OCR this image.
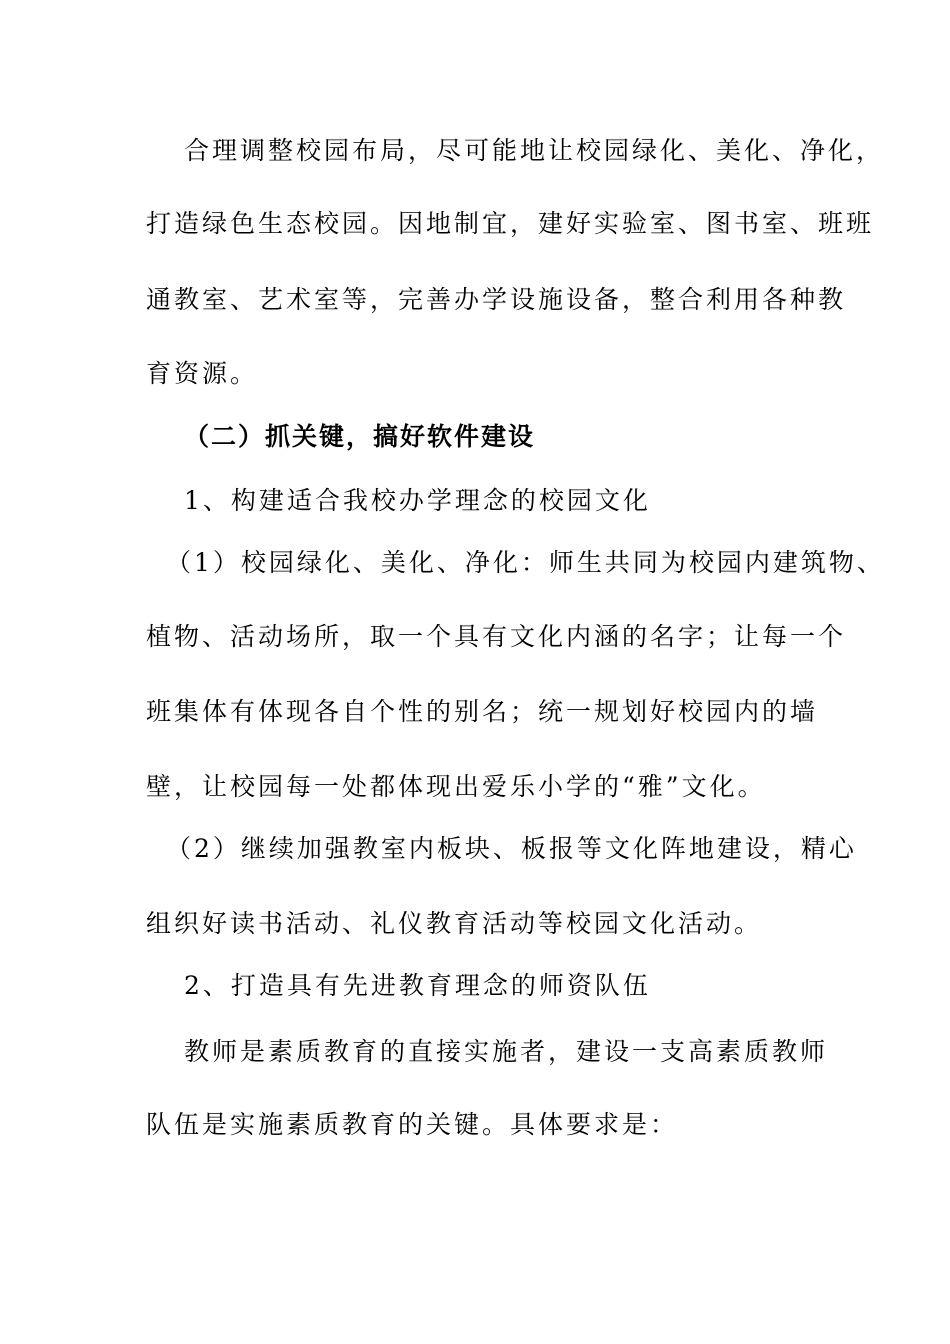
合理调整校园布局，尽可能地让校园绿化、美化、净化，
打造绿色生态校园。因地制宜，建好实验室、图书室、班班
通教室、艺术室等，完善办学设施设备，整合利用各种教
育资源。
（二）抓关键，搞好软件建设
1、构建适合我校办学理念的校园文化
（1）校园绿化、美化、净化：师生共同为校园内建筑物、
植物、活动场所，取一个具有文化内涵的名字；让每一个
班集体有体现各自个性的别名；统一规划好校园内的墙
壁，让校园每一处都体现出爱乐小学的“雅”文化。
（2）继续加强教室内板块、板报等文化阵地建设，精心
组织好读书活动、礼仪教育活动等校园文化活动。
2、打造具有先进教育理念的师资队伍
教师是素质教育的直接实施者，建设一支高素质教师
队伍是实施素质教育的关键。具体要求是：
